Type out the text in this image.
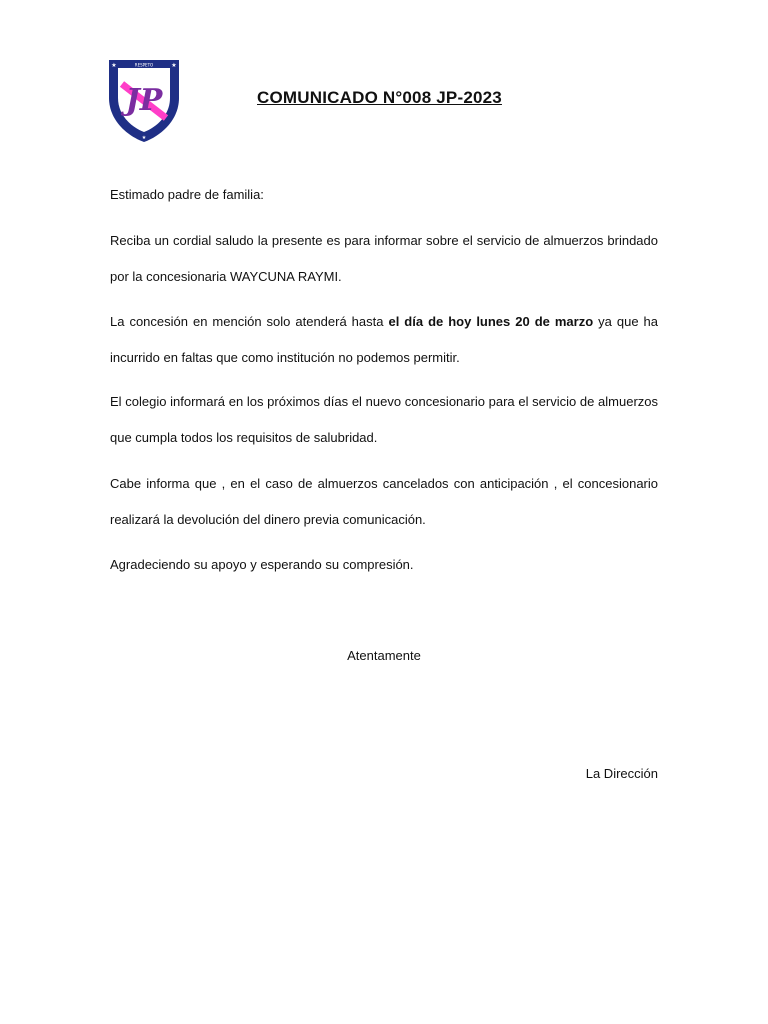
RESPETO
★	★
★
JP	COMUNICADO N°008 JP-2023
Estimado padre de familia:

Reciba un cordial saludo la presente es para informar sobre el servicio de almuerzos brindado por la concesionaria WAYCUNA RAYMI.

La concesión en mención solo atenderá hasta el día de hoy lunes 20 de marzo ya que ha incurrido en faltas que como institución no podemos permitir.

El colegio informará en los próximos días el nuevo concesionario para el servicio de almuerzos que cumpla todos los requisitos de salubridad.

Cabe informa que , en el caso de almuerzos cancelados con anticipación , el concesionario realizará la devolución del dinero previa comunicación.

Agradeciendo su apoyo y esperando su compresión.

Atentamente
La Dirección
